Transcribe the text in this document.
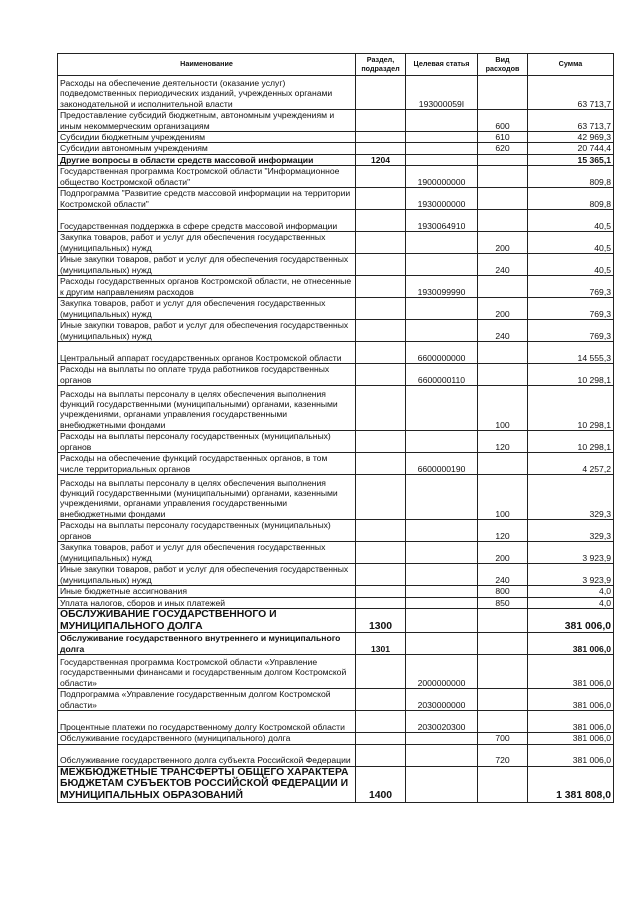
Наименование	Раздел, подраздел	Целевая статья	Вид расходов	Сумма
Расходы на обеспечение деятельности (оказание услуг) подведомственных периодических изданий, учрежденных органами законодательной и исполнительной власти		193000059I		63 713,7
Предоставление субсидий бюджетным, автономным учреждениям и иным некоммерческим организациям			600	63 713,7
Субсидии бюджетным учреждениям			610	42 969,3
Субсидии автономным учреждениям			620	20 744,4
Другие вопросы в области средств массовой информации	1204			15 365,1
Государственная программа Костромской области "Информационное общество Костромской области"		1900000000		809,8
Подпрограмма "Развитие средств массовой информации на территории Костромской области"		1930000000		809,8
Государственная поддержка в сфере средств массовой информации		1930064910		40,5
Закупка товаров, работ и услуг для обеспечения государственных (муниципальных) нужд			200	40,5
Иные закупки товаров, работ и услуг для обеспечения государственных (муниципальных) нужд			240	40,5
Расходы государственных органов Костромской области, не отнесенные к другим направлениям расходов		1930099990		769,3
Закупка товаров, работ и услуг для обеспечения государственных (муниципальных) нужд			200	769,3
Иные закупки товаров, работ и услуг для обеспечения государственных (муниципальных) нужд			240	769,3
Центральный аппарат государственных органов Костромской области		6600000000		14 555,3
Расходы на выплаты по оплате труда работников государственных органов		6600000110		10 298,1
Расходы на выплаты персоналу в целях обеспечения выполнения функций государственными (муниципальными) органами, казенными учреждениями, органами управления государственными внебюджетными фондами			100	10 298,1
Расходы на выплаты персоналу государственных (муниципальных) органов			120	10 298,1
Расходы на обеспечение функций государственных органов, в том числе территориальных органов		6600000190		4 257,2
Расходы на выплаты персоналу в целях обеспечения выполнения функций государственными (муниципальными) органами, казенными учреждениями, органами управления государственными внебюджетными фондами			100	329,3
Расходы на выплаты персоналу государственных (муниципальных) органов			120	329,3
Закупка товаров, работ и услуг для обеспечения государственных (муниципальных) нужд			200	3 923,9
Иные закупки товаров, работ и услуг для обеспечения государственных (муниципальных) нужд			240	3 923,9
Иные бюджетные ассигнования			800	4,0
Уплата налогов, сборов и иных платежей			850	4,0
ОБСЛУЖИВАНИЕ ГОСУДАРСТВЕННОГО И МУНИЦИПАЛЬНОГО ДОЛГА	1300			381 006,0
Обслуживание государственного внутреннего и муниципального долга	1301			381 006,0
Государственная программа Костромской области «Управление государственными финансами и государственным долгом Костромской области»		2000000000		381 006,0
Подпрограмма «Управление государственным долгом Костромской области»		2030000000		381 006,0
Процентные платежи по государственному долгу Костромской области		2030020300		381 006,0
Обслуживание государственного (муниципального) долга			700	381 006,0
Обслуживание государственного долга субъекта Российской Федерации			720	381 006,0
МЕЖБЮДЖЕТНЫЕ ТРАНСФЕРТЫ ОБЩЕГО ХАРАКТЕРА БЮДЖЕТАМ СУБЪЕКТОВ РОССИЙСКОЙ ФЕДЕРАЦИИ И МУНИЦИПАЛЬНЫХ ОБРАЗОВАНИЙ	1400			1 381 808,0
